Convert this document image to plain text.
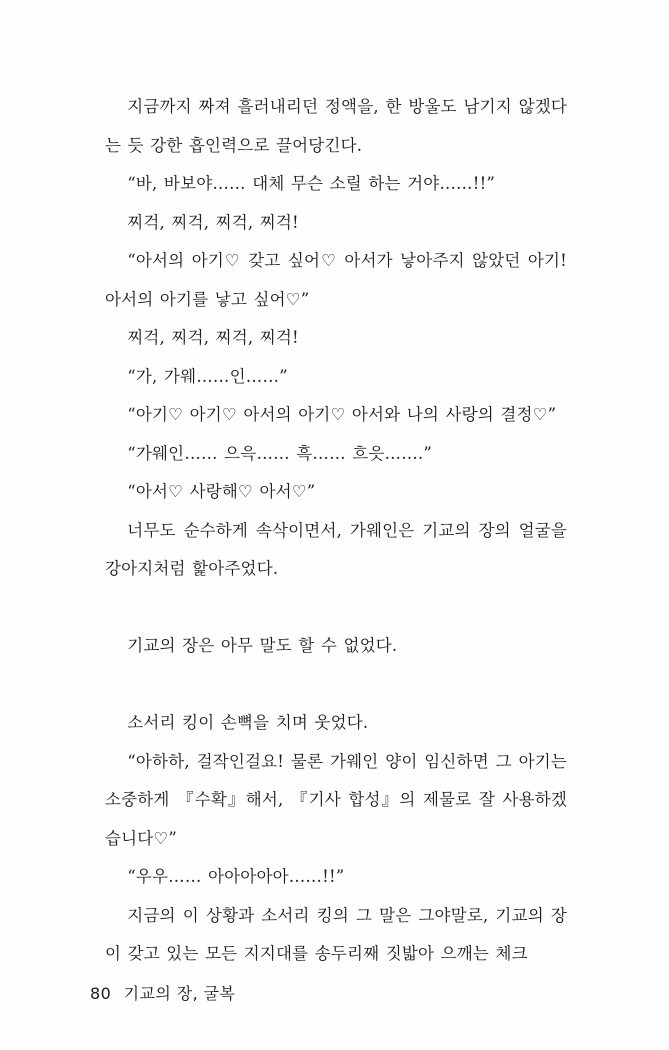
지금까지 짜져 흘러내리던 정액을, 한 방울도 남기지 않겠다는 듯 강한 흡인력으로 끌어당긴다.

“바, 바보야…… 대체 무슨 소릴 하는 거야……!!”

찌걱, 찌걱, 찌걱, 찌걱!

“아서의 아기♡ 갖고 싶어♡ 아서가 낳아주지 않았던 아기! 아서의 아기를 낳고 싶어♡”

찌걱, 찌걱, 찌걱, 찌걱!

“가, 가웨……인……”

“아기♡ 아기♡ 아서의 아기♡ 아서와 나의 사랑의 결정♡”

“가웨인…… 으윽…… 흑…… 흐읏…….”

“아서♡ 사랑해♡ 아서♡”

너무도 순수하게 속삭이면서, 가웨인은 기교의 장의 얼굴을 강아지처럼 핥아주었다.

기교의 장은 아무 말도 할 수 없었다.

소서리 킹이 손뼉을 치며 웃었다.

“아하하, 걸작인걸요! 물론 가웨인 양이 임신하면 그 아기는 소중하게 『수확』해서, 『기사 합성』의 제물로 잘 사용하겠습니다♡”

“우우…… 아아아아아……!!”

지금의 이 상황과 소서리 킹의 그 말은 그야말로, 기교의 장이 갖고 있는 모든 지지대를 송두리째 짓밟아 으깨는 체크

80 기교의 장, 굴복
